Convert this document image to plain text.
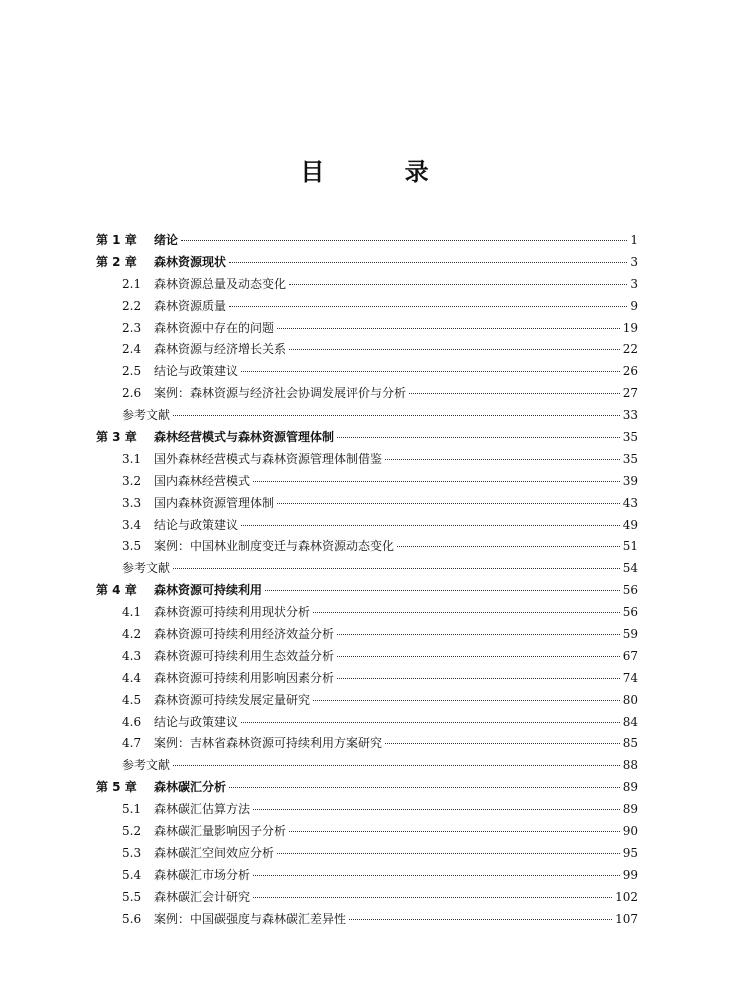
目 录
第 1 章	绪论	1
第 2 章	森林资源现状	3
2.1	森林资源总量及动态变化	3
2.2	森林资源质量	9
2.3	森林资源中存在的问题	19
2.4	森林资源与经济增长关系	22
2.5	结论与政策建议	26
2.6	案例：森林资源与经济社会协调发展评价与分析	27
参考文献	33
第 3 章	森林经营模式与森林资源管理体制	35
3.1	国外森林经营模式与森林资源管理体制借鉴	35
3.2	国内森林经营模式	39
3.3	国内森林资源管理体制	43
3.4	结论与政策建议	49
3.5	案例：中国林业制度变迁与森林资源动态变化	51
参考文献	54
第 4 章	森林资源可持续利用	56
4.1	森林资源可持续利用现状分析	56
4.2	森林资源可持续利用经济效益分析	59
4.3	森林资源可持续利用生态效益分析	67
4.4	森林资源可持续利用影响因素分析	74
4.5	森林资源可持续发展定量研究	80
4.6	结论与政策建议	84
4.7	案例：吉林省森林资源可持续利用方案研究	85
参考文献	88
第 5 章	森林碳汇分析	89
5.1	森林碳汇估算方法	89
5.2	森林碳汇量影响因子分析	90
5.3	森林碳汇空间效应分析	95
5.4	森林碳汇市场分析	99
5.5	森林碳汇会计研究	102
5.6	案例：中国碳强度与森林碳汇差异性	107
